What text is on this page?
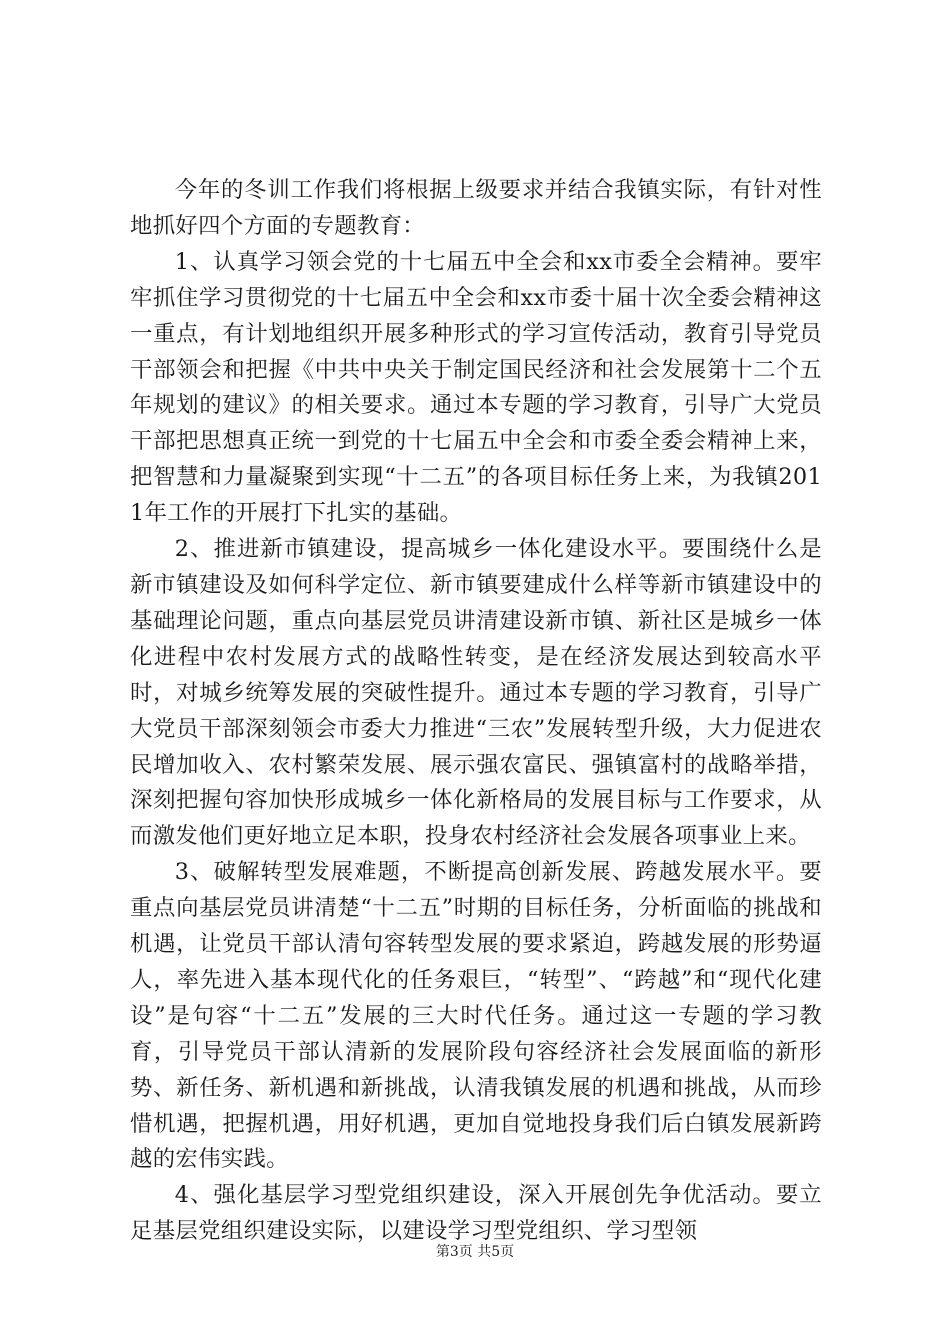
今年的冬训工作我们将根据上级要求并结合我镇实际，有针对性地抓好四个方面的专题教育：

1、认真学习领会党的十七届五中全会和xx市委全会精神。要牢牢抓住学习贯彻党的十七届五中全会和xx市委十届十次全委会精神这一重点，有计划地组织开展多种形式的学习宣传活动，教育引导党员干部领会和把握《中共中央关于制定国民经济和社会发展第十二个五年规划的建议》的相关要求。通过本专题的学习教育，引导广大党员干部把思想真正统一到党的十七届五中全会和市委全委会精神上来，把智慧和力量凝聚到实现“十二五”的各项目标任务上来，为我镇2011年工作的开展打下扎实的基础。

2、推进新市镇建设，提高城乡一体化建设水平。要围绕什么是新市镇建设及如何科学定位、新市镇要建成什么样等新市镇建设中的基础理论问题，重点向基层党员讲清建设新市镇、新社区是城乡一体化进程中农村发展方式的战略性转变，是在经济发展达到较高水平时，对城乡统筹发展的突破性提升。通过本专题的学习教育，引导广大党员干部深刻领会市委大力推进“三农”发展转型升级，大力促进农民增加收入、农村繁荣发展、展示强农富民、强镇富村的战略举措，深刻把握句容加快形成城乡一体化新格局的发展目标与工作要求，从而激发他们更好地立足本职，投身农村经济社会发展各项事业上来。

3、破解转型发展难题，不断提高创新发展、跨越发展水平。要重点向基层党员讲清楚“十二五”时期的目标任务，分析面临的挑战和机遇，让党员干部认清句容转型发展的要求紧迫，跨越发展的形势逼人，率先进入基本现代化的任务艰巨，“转型”、“跨越”和“现代化建设”是句容“十二五”发展的三大时代任务。通过这一专题的学习教育，引导党员干部认清新的发展阶段句容经济社会发展面临的新形势、新任务、新机遇和新挑战，认清我镇发展的机遇和挑战，从而珍惜机遇，把握机遇，用好机遇，更加自觉地投身我们后白镇发展新跨越的宏伟实践。

4、强化基层学习型党组织建设，深入开展创先争优活动。要立足基层党组织建设实际，以建设学习型党组织、学习型领

第3页 共5页
